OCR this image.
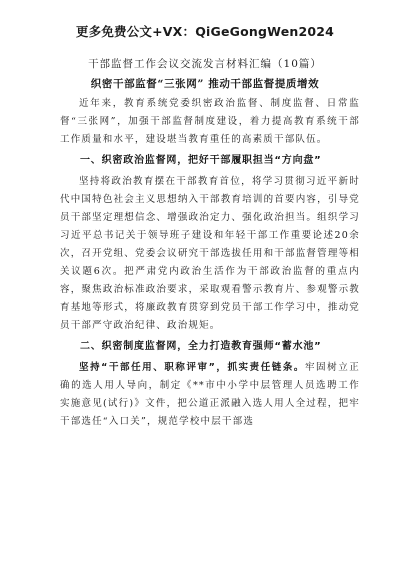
更多免费公文+VX：QiGeGongWen2024
干部监督工作会议交流发言材料汇编（10篇）
织密干部监督“三张网” 推动干部监督提质增效

近年来，教育系统党委织密政治监督、制度监督、日常监督“三张网”，加强干部监督制度建设，着力提高教育系统干部工作质量和水平，建设堪当教育重任的高素质干部队伍。

一、织密政治监督网，把好干部履职担当“方向盘”

坚持将政治教育摆在干部教育首位，将学习贯彻习近平新时代中国特色社会主义思想纳入干部教育培训的首要内容，引导党员干部坚定理想信念、增强政治定力、强化政治担当。组织学习习近平总书记关于领导班子建设和年轻干部工作重要论述20余次，召开党组、党委会议研究干部选拔任用和干部监督管理等相关议题6次。把严肃党内政治生活作为干部政治监督的重点内容，聚焦政治标准政治要求，采取观看警示教育片、参观警示教育基地等形式，将廉政教育贯穿到党员干部工作学习中，推动党员干部严守政治纪律、政治规矩。

二、织密制度监督网，全力打造教育强师“蓄水池”

坚持“干部任用、职称评审”，抓实责任链条。牢固树立正确的选人用人导向，制定《**市中小学中层管理人员选聘工作实施意见(试行)》文件，把公道正派融入选人用人全过程，把牢干部选任“入口关”，规范学校中层干部选
